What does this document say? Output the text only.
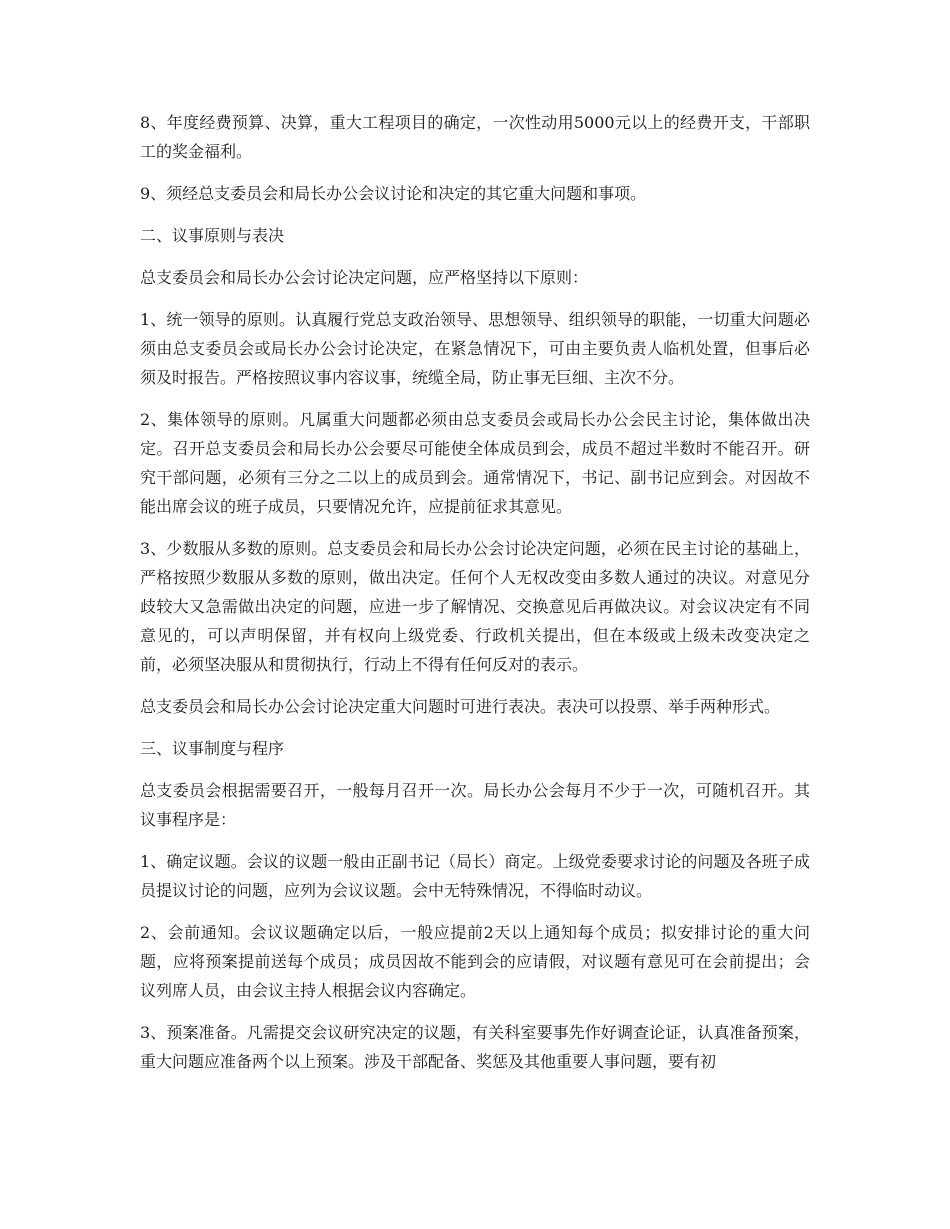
8、年度经费预算、决算，重大工程项目的确定，一次性动用5000元以上的经费开支，干部职工的奖金福利。

9、须经总支委员会和局长办公会议讨论和决定的其它重大问题和事项。

二、议事原则与表决

总支委员会和局长办公会讨论决定问题，应严格坚持以下原则：

1、统一领导的原则。认真履行党总支政治领导、思想领导、组织领导的职能，一切重大问题必须由总支委员会或局长办公会讨论决定，在紧急情况下，可由主要负责人临机处置，但事后必须及时报告。严格按照议事内容议事，统缆全局，防止事无巨细、主次不分。

2、集体领导的原则。凡属重大问题都必须由总支委员会或局长办公会民主讨论，集体做出决定。召开总支委员会和局长办公会要尽可能使全体成员到会，成员不超过半数时不能召开。研究干部问题，必须有三分之二以上的成员到会。通常情况下，书记、副书记应到会。对因故不能出席会议的班子成员，只要情况允许，应提前征求其意见。

3、少数服从多数的原则。总支委员会和局长办公会讨论决定问题，必须在民主讨论的基础上，严格按照少数服从多数的原则，做出决定。任何个人无权改变由多数人通过的决议。对意见分歧较大又急需做出决定的问题，应进一步了解情况、交换意见后再做决议。对会议决定有不同意见的，可以声明保留，并有权向上级党委、行政机关提出，但在本级或上级未改变决定之前，必须坚决服从和贯彻执行，行动上不得有任何反对的表示。

总支委员会和局长办公会讨论决定重大问题时可进行表决。表决可以投票、举手两种形式。

三、议事制度与程序

总支委员会根据需要召开，一般每月召开一次。局长办公会每月不少于一次，可随机召开。其议事程序是：

1、确定议题。会议的议题一般由正副书记（局长）商定。上级党委要求讨论的问题及各班子成员提议讨论的问题，应列为会议议题。会中无特殊情况，不得临时动议。

2、会前通知。会议议题确定以后，一般应提前2天以上通知每个成员；拟安排讨论的重大问题，应将预案提前送每个成员；成员因故不能到会的应请假，对议题有意见可在会前提出；会议列席人员，由会议主持人根据会议内容确定。

3、预案准备。凡需提交会议研究决定的议题，有关科室要事先作好调查论证，认真准备预案，重大问题应准备两个以上预案。涉及干部配备、奖惩及其他重要人事问题，要有初
